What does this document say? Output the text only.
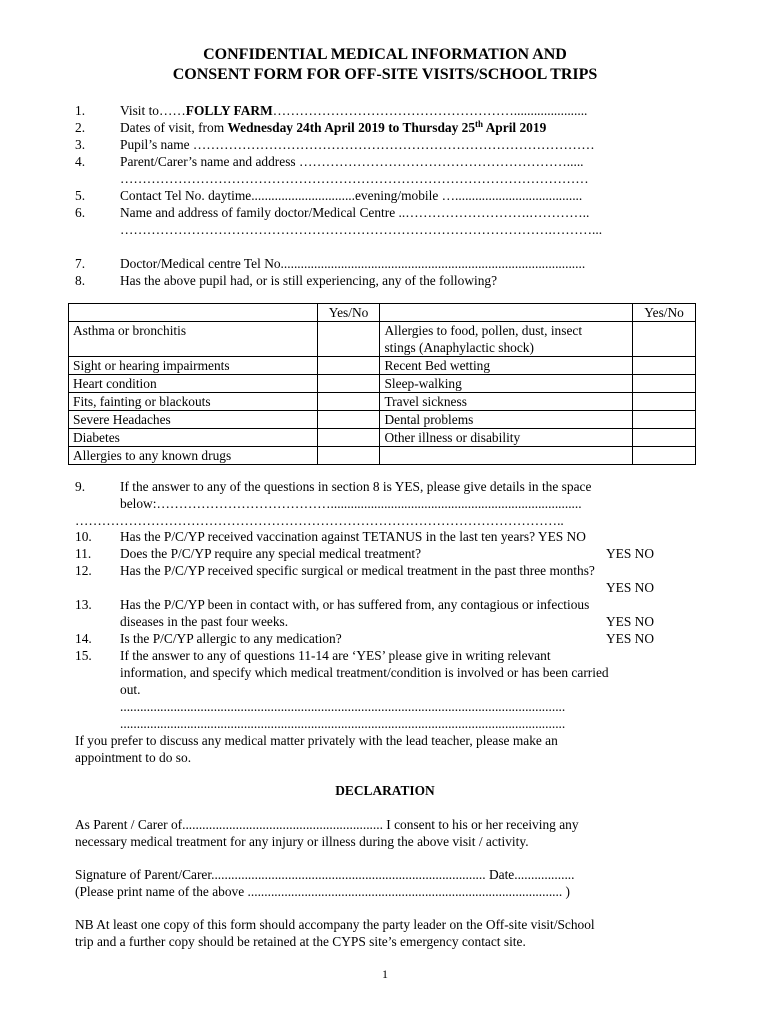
CONFIDENTIAL MEDICAL INFORMATION AND
CONSENT FORM FOR OFF-SITE VISITS/SCHOOL TRIPS
1.	Visit to……FOLLY FARM………………………………………………......................
2.	Dates of visit, from Wednesday 24th April 2019 to Thursday 25th April 2019
3.	Pupil’s name ………………………………………………………………………………
4.	Parent/Carer’s name and address …………………………………………………….....
……………………………………………………………………………………………
5.	Contact Tel No. daytime...............................evening/mobile …......................................
6.	Name and address of family doctor/Medical Centre ..……………………….…………..
…………………………………………………………………………………….………...
7.	Doctor/Medical centre Tel No...........................................................................................
8.	Has the above pupil had, or is still experiencing, any of the following?
	Yes/No		Yes/No
Asthma or bronchitis		Allergies to food, pollen, dust, insect	
		stings (Anaphylactic shock)	
Sight or hearing impairments		Recent Bed wetting	
Heart condition		Sleep-walking	
Fits, fainting or blackouts		Travel sickness	
Severe Headaches		Dental problems	
Diabetes		Other illness or disability	
Allergies to any known drugs			
9.	If the answer to any of the questions in section 8 is YES, please give details in the space
below:…………………………………...........................................................................
………………………………………………………………………………………………..
10. Has the P/C/YP received vaccination against TETANUS in the last ten years? YES NO
11. Does the P/C/YP require any special medical treatment?	YES NO
12. Has the P/C/YP received specific surgical or medical treatment in the past three months?
YES NO
13. Has the P/C/YP been in contact with, or has suffered from, any contagious or infectious
diseases in the past four weeks.	YES NO
14. Is the P/C/YP allergic to any medication?	YES NO
15. If the answer to any of questions 11-14 are ‘YES’ please give in writing relevant
information, and specify which medical treatment/condition is involved or has been carried
out.
.....................................................................................................................................
.....................................................................................................................................
If you prefer to discuss any medical matter privately with the lead teacher, please make an
appointment to do so.
DECLARATION
As Parent / Carer of............................................................ I consent to his or her receiving any
necessary medical treatment for any injury or illness during the above visit / activity.
Signature of Parent/Carer.................................................................................. Date..................
(Please print name of the above .............................................................................................. )
NB At least one copy of this form should accompany the party leader on the Off-site visit/School
trip and a further copy should be retained at the CYPS site’s emergency contact site.
1
